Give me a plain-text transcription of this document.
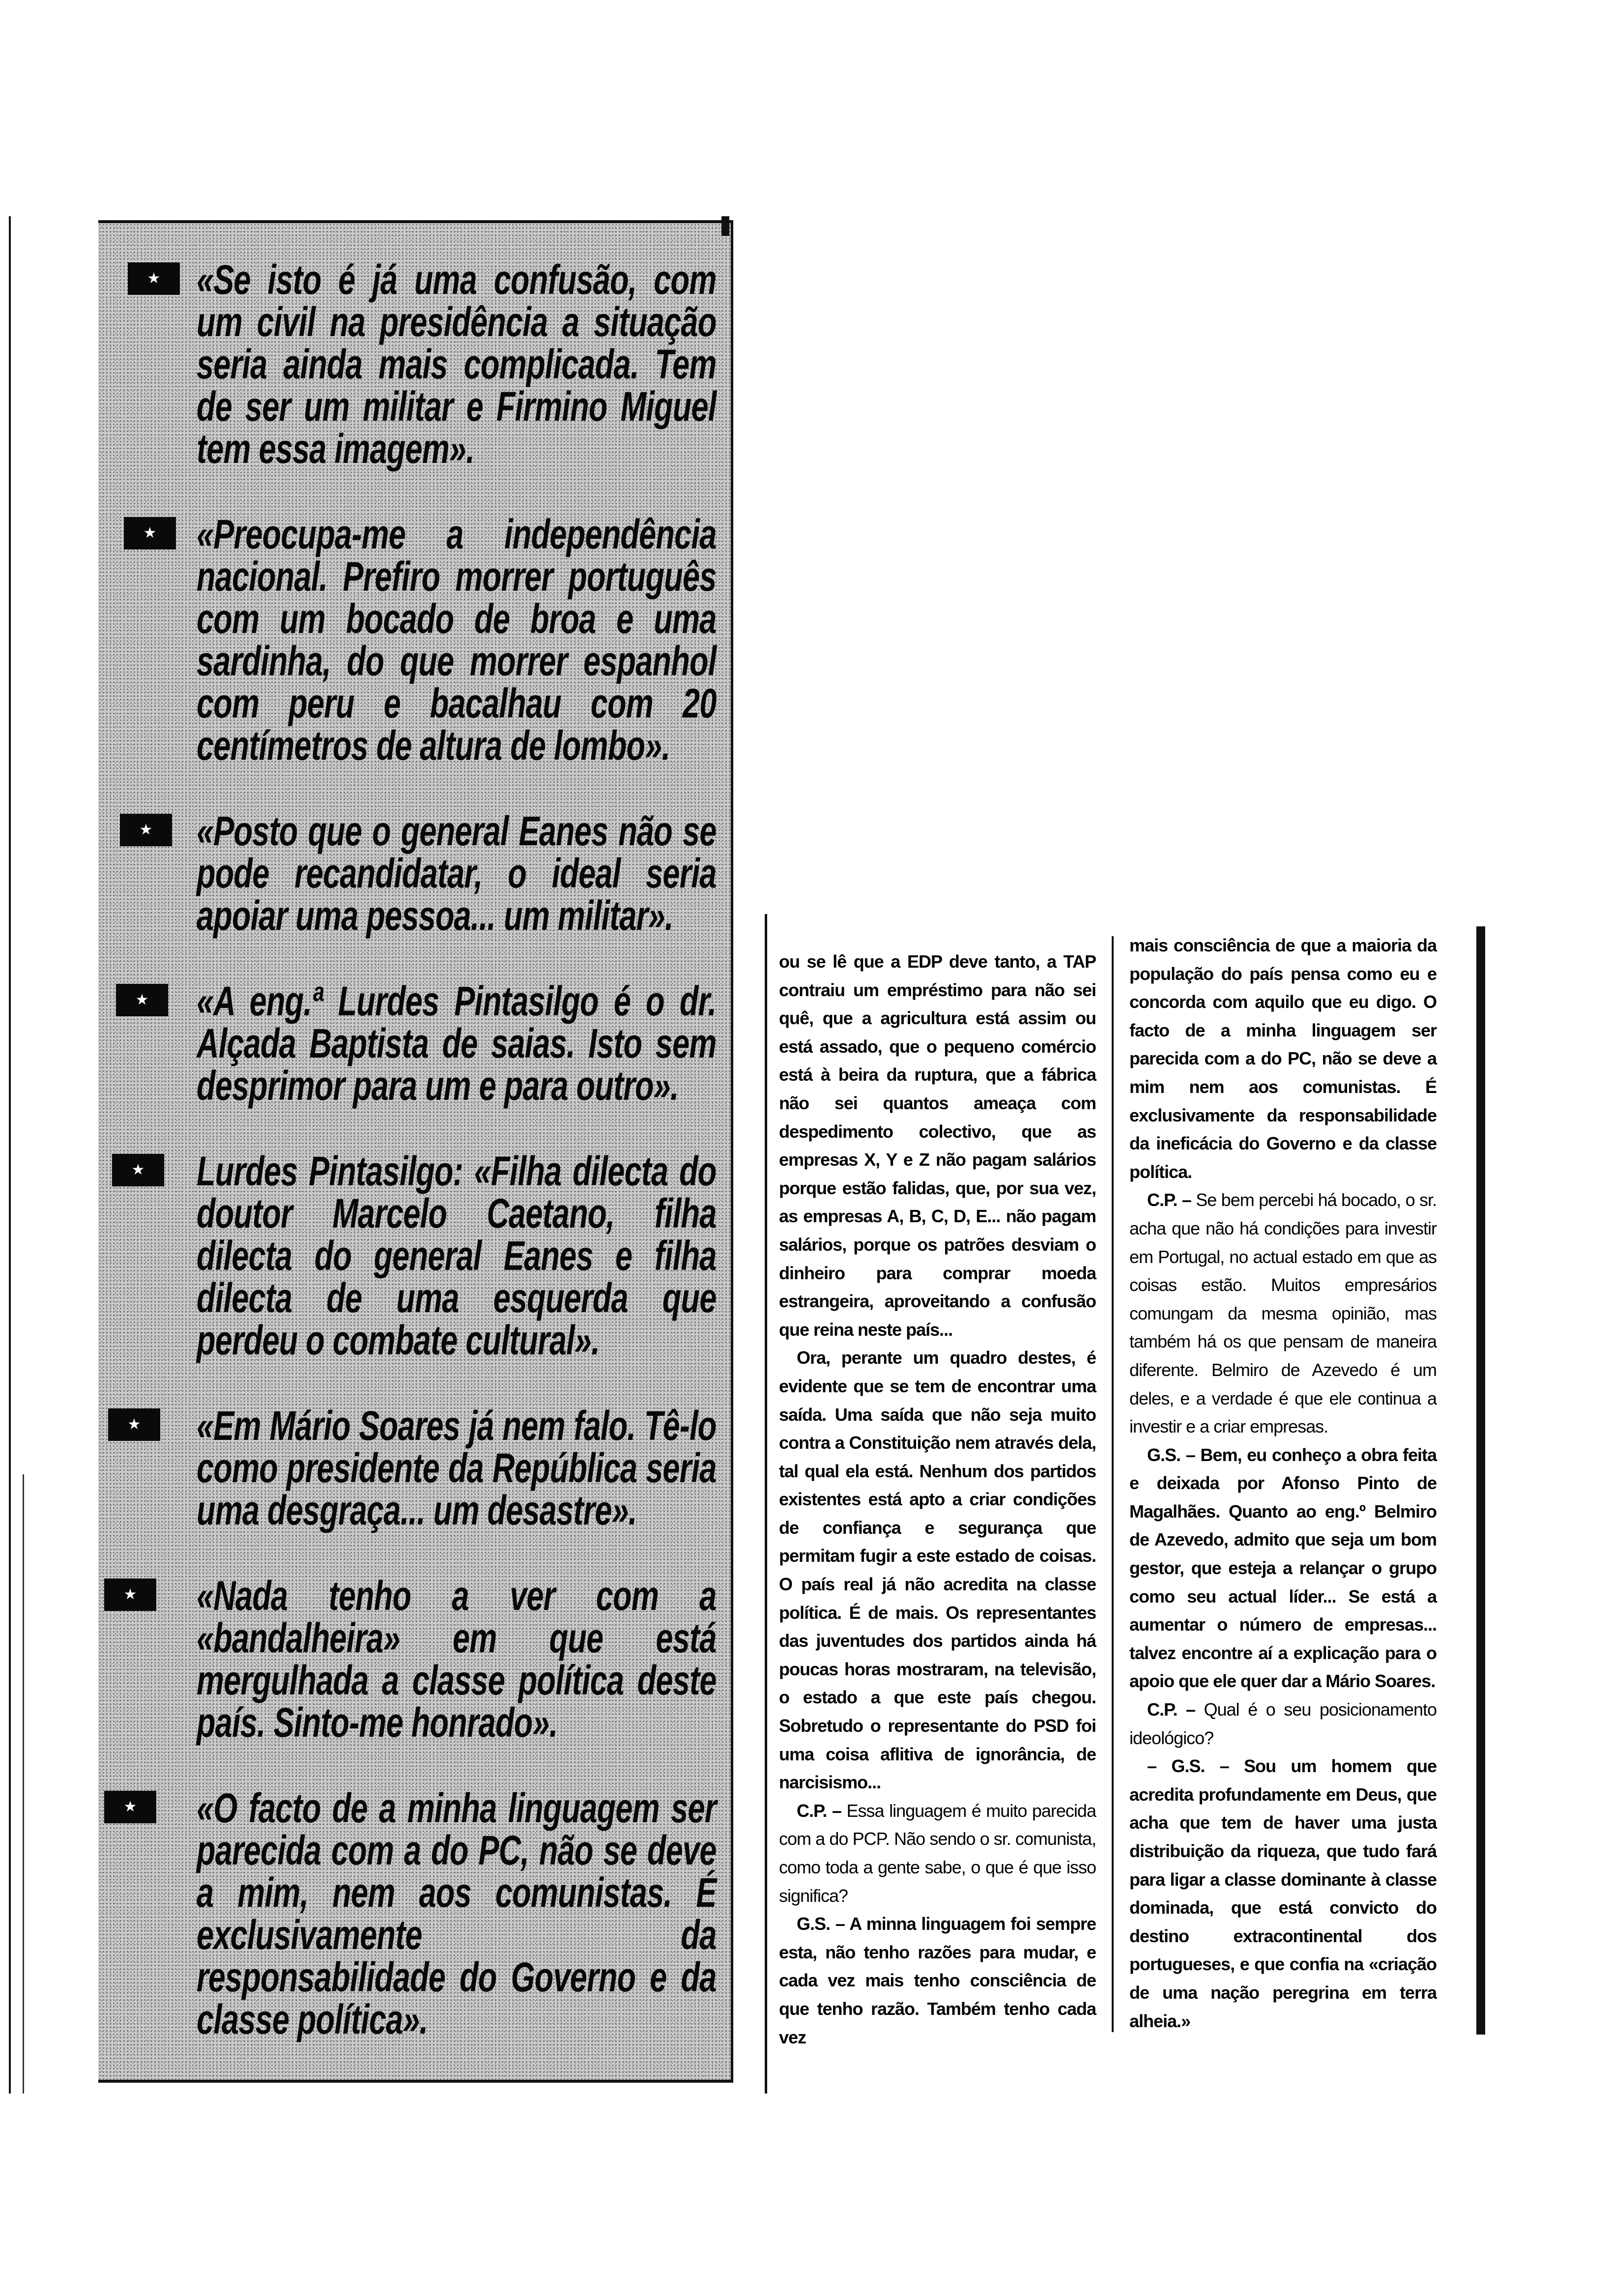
★ «Se isto é já uma confusão, com um civil na presidência a situação seria ainda mais complicada. Tem de ser um militar e Firmino Miguel tem essa imagem».
★ «Preocupa-me a independência nacional. Prefiro morrer português com um bocado de broa e uma sardinha, do que morrer espanhol com peru e bacalhau com 20 centímetros de altura de lombo».
★	«Posto que o general Eanes não se pode recandidatar, o ideal seria apoiar uma pessoa... um militar».
★	«A eng.ª Lurdes Pintasilgo é o dr. Alçada Baptista de saias. Isto sem desprimor para um e para outro».
★	Lurdes Pintasilgo: «Filha dilecta do doutor Marcelo Caetano, filha dilecta do general Eanes e filha dilecta de uma esquerda que perdeu o combate cultural».
★	«Em Mário Soares já nem falo. Tê-lo como presidente da República seria uma desgraça... um desastre».
★	«Nada tenho a ver com a «bandalheira» em que está mergulhada a classe política deste país. Sinto-me honrado».
★	«O facto de a minha linguagem ser parecida com a do PC, não se deve a mim, nem aos comunistas. É exclusivamente da responsabilidade do Governo e da classe política».

ou se lê que a EDP deve tanto, a TAP contraiu um empréstimo para não sei quê, que a agricultura está assim ou está assado, que o pequeno comércio está à beira da ruptura, que a fábrica não sei quantos ameaça com despedimento colectivo, que as empresas X, Y e Z não pagam salários porque estão falidas, que, por sua vez, as empresas A, B, C, D, E... não pagam salários, porque os patrões desviam o dinheiro para comprar moeda estrangeira, aproveitando a confusão que reina neste país...

Ora, perante um quadro destes, é evidente que se tem de encontrar uma saída. Uma saída que não seja muito contra a Constituição nem através dela, tal qual ela está. Nenhum dos partidos existentes está apto a criar condições de confiança e segurança que permitam fugir a este estado de coisas. O país real já não acredita na classe política. É de mais. Os representantes das juventudes dos partidos ainda há poucas horas mostraram, na televisão, o estado a que este país chegou. Sobretudo o representante do PSD foi uma coisa aflitiva de ignorância, de narcisismo...

C.P. – Essa linguagem é muito parecida com a do PCP. Não sendo o sr. comunista, como toda a gente sabe, o que é que isso significa?

G.S. – A minna linguagem foi sempre esta, não tenho razões para mudar, e cada vez mais tenho consciência de que tenho razão. Também tenho cada vez

mais consciência de que a maioria da população do país pensa como eu e concorda com aquilo que eu digo. O facto de a minha linguagem ser parecida com a do PC, não se deve a mim nem aos comunistas. É exclusivamente da responsabilidade da ineficácia do Governo e da classe política.

C.P. – Se bem percebi há bocado, o sr. acha que não há condições para investir em Portugal, no actual estado em que as coisas estão. Muitos empresários comungam da mesma opinião, mas também há os que pensam de maneira diferente. Belmiro de Azevedo é um deles, e a verdade é que ele continua a investir e a criar empresas.

G.S. – Bem, eu conheço a obra feita e deixada por Afonso Pinto de Magalhães. Quanto ao eng.º Belmiro de Azevedo, admito que seja um bom gestor, que esteja a relançar o grupo como seu actual líder... Se está a aumentar o número de empresas... talvez encontre aí a explicação para o apoio que ele quer dar a Mário Soares.

C.P. – Qual é o seu posicionamento ideológico?

– G.S. – Sou um homem que acredita profundamente em Deus, que acha que tem de haver uma justa distribuição da riqueza, que tudo fará para ligar a classe dominante à classe dominada, que está convicto do destino extracontinental dos portugueses, e que confia na «criação de uma nação peregrina em terra alheia.»
